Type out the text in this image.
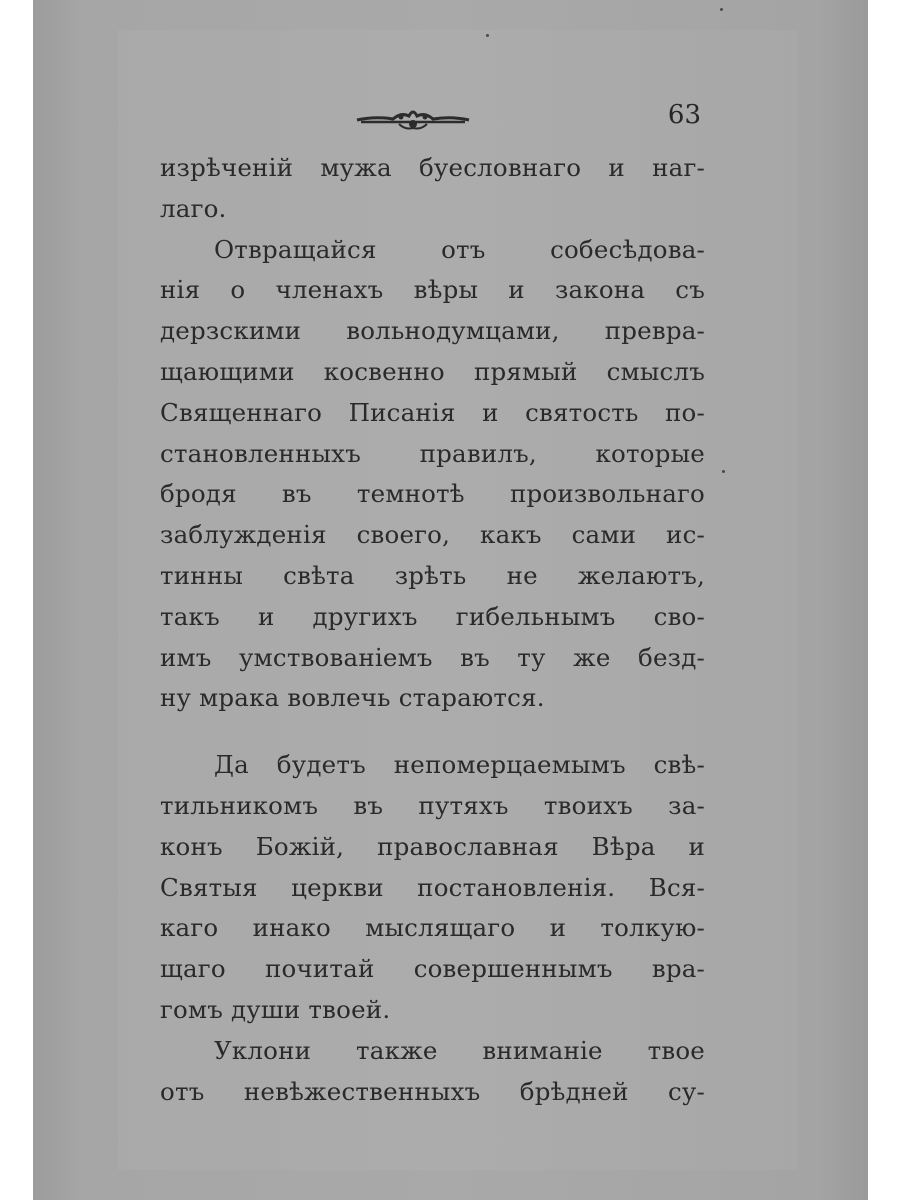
63
изрѣченій мужа буесловнаго и наг-
лаго.
Отвращайся отъ собесѣдова-
нія о членахъ вѣры и закона съ
дерзскими вольнодумцами, превра-
щающими косвенно прямый смыслъ
Священнаго Писанія и святость по-
становленныхъ правилъ, которые
бродя въ темнотѣ произвольнаго
заблужденія своего, какъ сами ис-
тинны свѣта зрѣть не желаютъ,
такъ и другихъ гибельнымъ сво-
имъ умствованіемъ въ ту же безд-
ну мрака вовлечь стараются.
Да будетъ непомерцаемымъ свѣ-
тильникомъ въ путяхъ твоихъ за-
конъ Божій, православная Вѣра и
Святыя церкви постановленія. Вся-
каго инако мыслящаго и толкую-
щаго почитай совершеннымъ вра-
гомъ души твоей.
Уклони также вниманіе твое
отъ невѣжественныхъ брѣдней су-
